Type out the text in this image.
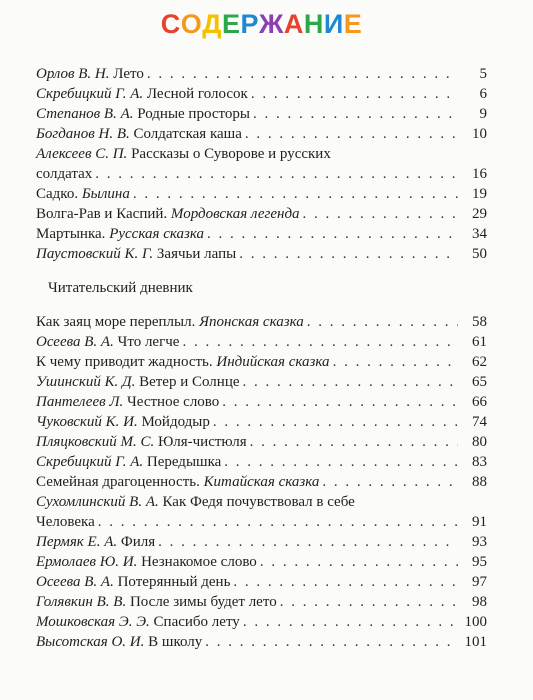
СОДЕРЖАНИЕ
Орлов В. Н. Лето . . .	5
Скребицкий Г. А. Лесной голосок . . .	6
Степанов В. А. Родные просторы . . .	9
Богданов Н. В. Солдатская каша . . .	10
Алексеев С. П. Рассказы о Суворове и русских
солдатах . . .	16
Садко. Былина . . .	19
Волга-Рав и Каспий. Мордовская легенда . . .	29
Мартынка. Русская сказка . . .	34
Паустовский К. Г. Заячьи лапы . . .	50
Читательский дневник
Как заяц море переплыл. Японская сказка . . .	58
Осеева В. А. Что легче . . .	61
К чему приводит жадность. Индийская сказка . . .	62
Ушинский К. Д. Ветер и Солнце . . .	65
Пантелеев Л. Честное слово . . .	66
Чуковский К. И. Мойдодыр . . .	74
Пляцковский М. С. Юля-чистюля . . .	80
Скребицкий Г. А. Передышка . . .	83
Семейная драгоценность. Китайская сказка . . .	88
Сухомлинский В. А. Как Федя почувствовал в себе
Человека . . .	91
Пермяк Е. А. Филя . . .	93
Ермолаев Ю. И. Незнакомое слово . . .	95
Осеева В. А. Потерянный день . . .	97
Голявкин В. В. После зимы будет лето . . .	98
Мошковская Э. Э. Спасибо лету . . .	100
Высотская О. И. В школу . . .	101
